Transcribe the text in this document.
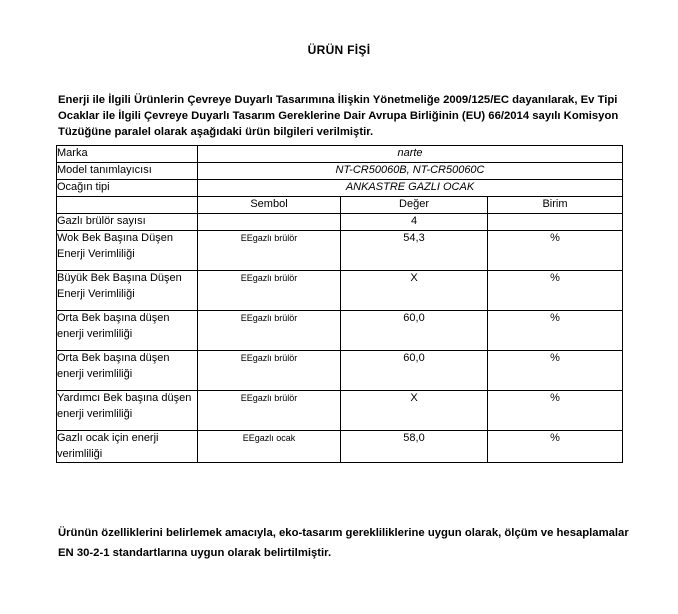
ÜRÜN FİŞİ
Enerji ile İlgili Ürünlerin Çevreye Duyarlı Tasarımına İlişkin Yönetmeliğe 2009/125/EC dayanılarak, Ev Tipi Ocaklar ile İlgili Çevreye Duyarlı Tasarım Gereklerine Dair Avrupa Birliğinin (EU) 66/2014 sayılı Komisyon Tüzüğüne paralel olarak aşağıdaki ürün bilgileri verilmiştir.
Marka	narte		
Model tanımlayıcısı	NT-CR50060B, NT-CR50060C		
Ocağın tipi	ANKASTRE GAZLI OCAK		
	Sembol	Değer	Birim
Gazlı brülör sayısı		4	
Wok Bek Başına Düşen Enerji Verimliliği	EEgazlı brülör	54,3	%
Büyük Bek Başına Düşen Enerji Verimliliği	EEgazlı brülör	X	%
Orta Bek başına düşen enerji verimliliği	EEgazlı brülör	60,0	%
Orta Bek başına düşen enerji verimliliği	EEgazlı brülör	60,0	%
Yardımcı Bek başına düşen enerji verimliliği	EEgazlı brülör	X	%
Gazlı ocak için enerji verimliliği	EEgazlı ocak	58,0	%
Ürünün özelliklerini belirlemek amacıyla, eko-tasarım gerekliliklerine uygun olarak, ölçüm ve hesaplamalar EN 30-2-1 standartlarına uygun olarak belirtilmiştir.
